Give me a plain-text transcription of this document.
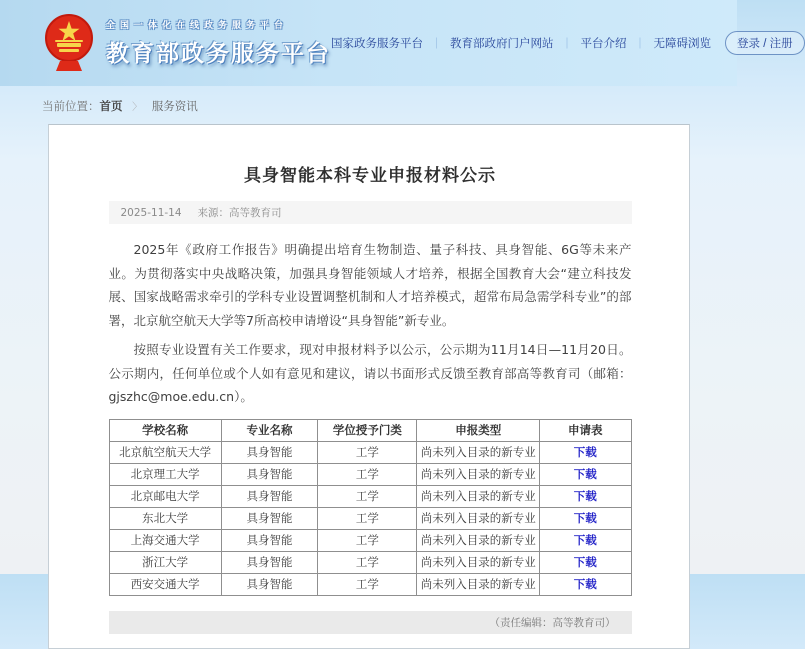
全国一体化在线政务服务平台
教育部政务服务平台 国家政务服务平台 ｜ 教育部政府门户网站 ｜ 平台介绍 ｜ 无障碍浏览	登录 / 注册
当前位置：首页 〉 服务资讯
具身智能本科专业申报材料公示
2025-11-14 来源：高等教育司

2025年《政府工作报告》明确提出培育生物制造、量子科技、具身智能、6G等未来产业。为贯彻落实中央战略决策，加强具身智能领域人才培养，根据全国教育大会“建立科技发展、国家战略需求牵引的学科专业设置调整机制和人才培养模式，超常布局急需学科专业”的部署，北京航空航天大学等7所高校申请增设“具身智能”新专业。

按照专业设置有关工作要求，现对申报材料予以公示，公示期为11月14日—11月20日。公示期内，任何单位或个人如有意见和建议，请以书面形式反馈至教育部高等教育司（邮箱：gjszhc@moe.edu.cn）。

学校名称	专业名称	学位授予门类	申报类型	申请表
北京航空航天大学	具身智能	工学	尚未列入目录的新专业	下载
北京理工大学	具身智能	工学	尚未列入目录的新专业	下载
北京邮电大学	具身智能	工学	尚未列入目录的新专业	下载
东北大学	具身智能	工学	尚未列入目录的新专业	下载
上海交通大学	具身智能	工学	尚未列入目录的新专业	下载
浙江大学	具身智能	工学	尚未列入目录的新专业	下载
西安交通大学	具身智能	工学	尚未列入目录的新专业	下载
（责任编辑：高等教育司）
